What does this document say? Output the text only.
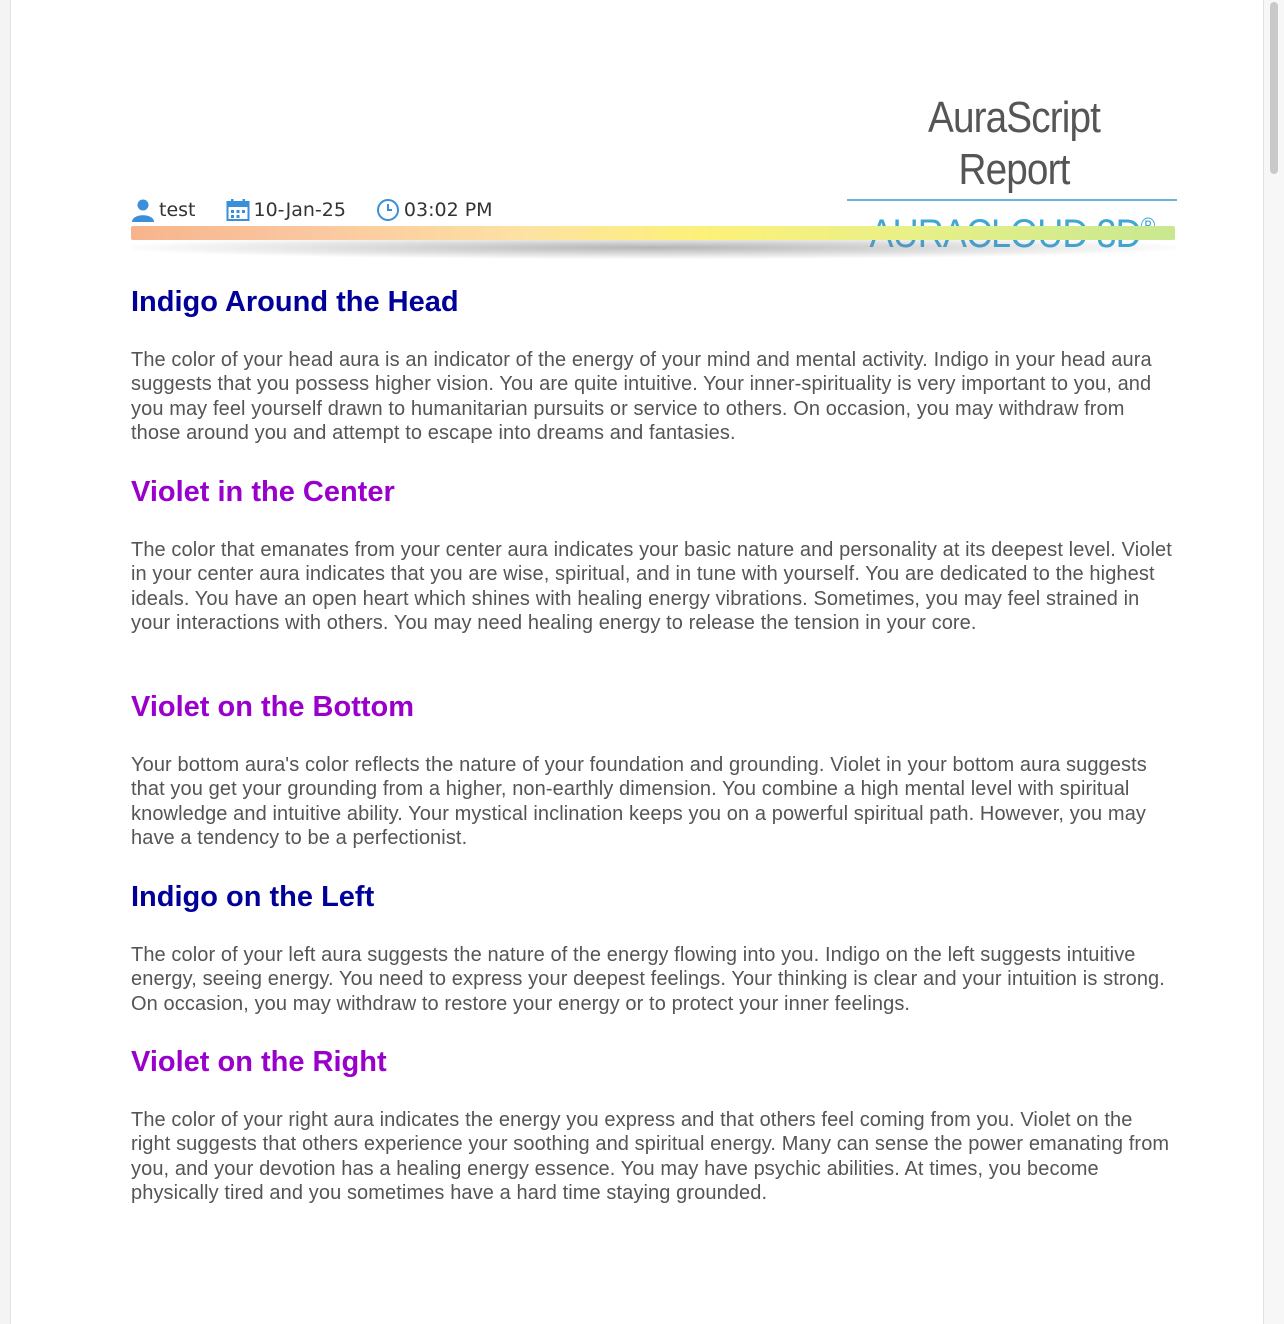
AuraScript Report
test	10-Jan-25	03:02 PM
Indigo Around the Head

The color of your head aura is an indicator of the energy of your mind and mental activity. Indigo in your head aura suggests that you possess higher vision. You are quite intuitive. Your inner-spirituality is very important to you, and you may feel yourself drawn to humanitarian pursuits or service to others. On occasion, you may withdraw from those around you and attempt to escape into dreams and fantasies.

Violet in the Center

The color that emanates from your center aura indicates your basic nature and personality at its deepest level. Violet in your center aura indicates that you are wise, spiritual, and in tune with yourself. You are dedicated to the highest ideals. You have an open heart which shines with healing energy vibrations. Sometimes, you may feel strained in your interactions with others. You may need healing energy to release the tension in your core.

Violet on the Bottom

Your bottom aura's color reflects the nature of your foundation and grounding. Violet in your bottom aura suggests that you get your grounding from a higher, non-earthly dimension. You combine a high mental level with spiritual knowledge and intuitive ability. Your mystical inclination keeps you on a powerful spiritual path. However, you may have a tendency to be a perfectionist.

Indigo on the Left

The color of your left aura suggests the nature of the energy flowing into you. Indigo on the left suggests intuitive energy, seeing energy. You need to express your deepest feelings. Your thinking is clear and your intuition is strong. On occasion, you may withdraw to restore your energy or to protect your inner feelings.

Violet on the Right

The color of your right aura indicates the energy you express and that others feel coming from you. Violet on the right suggests that others experience your soothing and spiritual energy. Many can sense the power emanating from you, and your devotion has a healing energy essence. You may have psychic abilities. At times, you become physically tired and you sometimes have a hard time staying grounded.
